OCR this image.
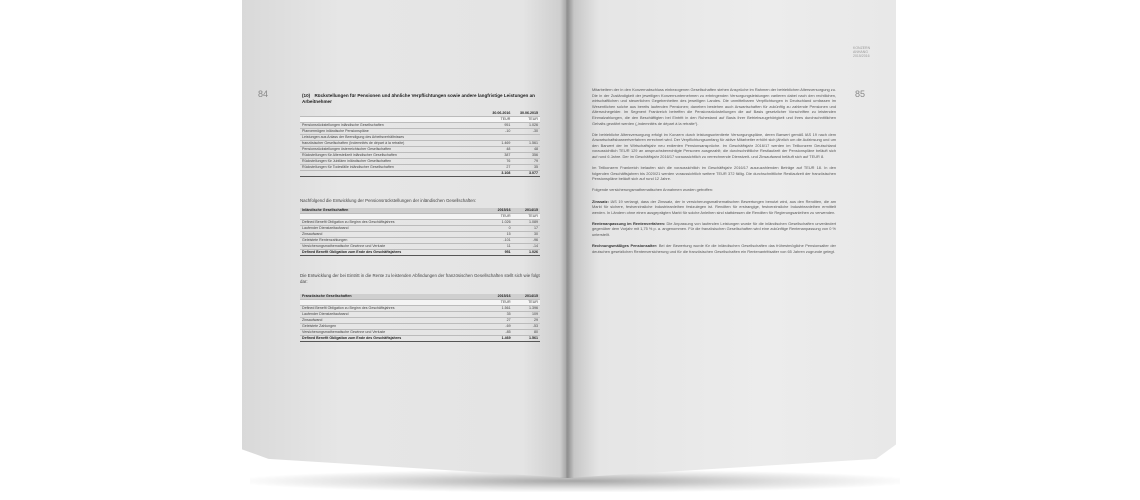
84	(10) Rückstellungen für Pensionen und ähnliche Verpflichtungen sowie andere langfristige Leistungen an Arbeitnehmer
	30.06.2016	30.06.2015
	TEUR	TEUR
Pensionsrückstellungen inländische Gesellschaften	951	1.026
Planvermögen inländische Pensionspläne	-10	-30
Leistungen aus Anlass der Beendigung des Arbeitsverhältnisses		
französischer Gesellschaften (Indemnités de départ à la retraite)	1.469	1.561
Pensionsrückstellungen österreichischer Gesellschaften	48	48
Rückstellungen für Altersteilzeit inländischer Gesellschaften	387	356
Rückstellungen für Jubiläen inländischer Gesellschaften	76	79
Rückstellungen für Todesfälle inländischer Gesellschaften	27	35
	3.108	3.077
Nachfolgend die Entwicklung der Pensionsrückstellungen der inländischen Gesellschaften:
Inländische Gesellschaften	2015/16	2014/15
	TEUR	TEUR
Defined Benefit Obligation zu Beginn des Geschäftsjahres	1.026	1.089
Laufender Dienstzeitaufwand	0	17
Zinsaufwand	15	30
Geleistete Rentenzahlungen	-101	-96
Versicherungsmathematische Gewinne und Verluste	11	-14
Defined Benefit Obligation zum Ende des Geschäftsjahres	951	1.026
Die Entwicklung der bei Eintritt in die Rente zu leistenden Abfindungen der französischen Gesellschaften stellt sich wie folgt dar:
Französische Gesellschaften	2015/16	2014/15
	TEUR	TEUR
Defined Benefit Obligation zu Beginn des Geschäftsjahres	1.561	1.396
Laufender Dienstzeitaufwand	35	109
Zinsaufwand	27	29
Geleistete Zahlungen	-69	-53
Versicherungsmathematische Gewinne und Verluste	-85	80
Defined Benefit Obligation zum Ende des Geschäftsjahres	1.469	1.561
KONZERN
ANHANG
2015/2016
85

Mitarbeitern der in den Konzernabschluss einbezogenen Gesellschaften stehen Ansprüche im Rahmen der betrieblichen Altersversorgung zu. Die in der Zuständigkeit der jeweiligen Konzernunternehmen zu erbringenden Versorgungsleistungen variieren dabei nach den rechtlichen, wirtschaftlichen und steuerlichen Gegebenheiten des jeweiligen Landes. Die unmittelbaren Verpflichtungen in Deutschland umfassen im Wesentlichen solche aus bereits laufenden Pensionen; daneben bestehen auch Anwartschaften für zukünftig zu zahlende Pensionen und Altersruhegelder. Im Segment Frankreich betreffen die Pensionsrückstellungen die auf Basis gesetzlicher Vorschriften zu leistenden Einmalzahlungen, die den Beschäftigten bei Eintritt in den Ruhestand auf Basis ihrer Betriebszugehörigkeit und ihres durchschnittlichen Gehalts gewährt werden („indemnités de départ à la retraite“).

Die betriebliche Altersversorgung erfolgt im Konzern durch leistungsorientierte Versorgungspläne, deren Barwert gemäß IAS 19 nach dem Anwartschaftsbarwertverfahren errechnet wird. Der Verpflichtungsumfang für aktive Mitarbeiter erhöht sich jährlich um die Aufzinsung und um den Barwert der im Wirtschaftsjahr neu erdienten Pensionsansprüche. Im Geschäftsjahr 2016/17 werden im Teilkonzern Deutschland voraussichtlich TEUR 129 an anspruchsberechtigte Personen ausgezahlt; die durchschnittliche Restlaufzeit der Pensionspläne beläuft sich auf rund 6 Jahre. Der im Geschäftsjahr 2016/17 voraussichtlich zu verrechnende Dienstzeit- und Zinsaufwand beläuft sich auf TEUR 8.

Im Teilkonzern Frankreich belaufen sich die voraussichtlich im Geschäftsjahr 2016/17 auszuzahlenden Beträge auf TEUR 18. In den folgenden Geschäftsjahren bis 2020/21 werden voraussichtlich weitere TEUR 372 fällig. Die durchschnittliche Restlaufzeit der französischen Pensionspläne beläuft sich auf rund 12 Jahre.

Folgende versicherungsmathematischen Annahmen wurden getroffen:

Zinssatz: IAS 19 verlangt, dass der Zinssatz, der in versicherungsmathematischen Bewertungen benutzt wird, aus den Renditen, die am Markt für sichere, festverzinsliche Industrieanleihen festzulegen ist. Renditen für erstrangige, festverzinsliche Industrieanleihen ermittelt werden. In Ländern ohne einen ausgeprägten Markt für solche Anleihen sind stattdessen die Renditen für Regierungsanleihen zu verwenden.

Rentenanpassung im Rentenverfahren: Die Anpassung von laufenden Leistungen wurde für die inländischen Gesellschaften unverändert gegenüber dem Vorjahr mit 1,75 % p. a. angenommen. Für die französischen Gesellschaften wird eine zukünftige Rentenanpassung von 0 % unterstellt.

Rechnungsmäßiges Pensionsalter: Bei der Bewertung wurde für die inländischen Gesellschaften das frühestmögliche Pensionsalter der deutschen gesetzlichen Rentenversicherung und für die französischen Gesellschaften ein Rentenantrittsalter von 65 Jahren zugrunde gelegt.
